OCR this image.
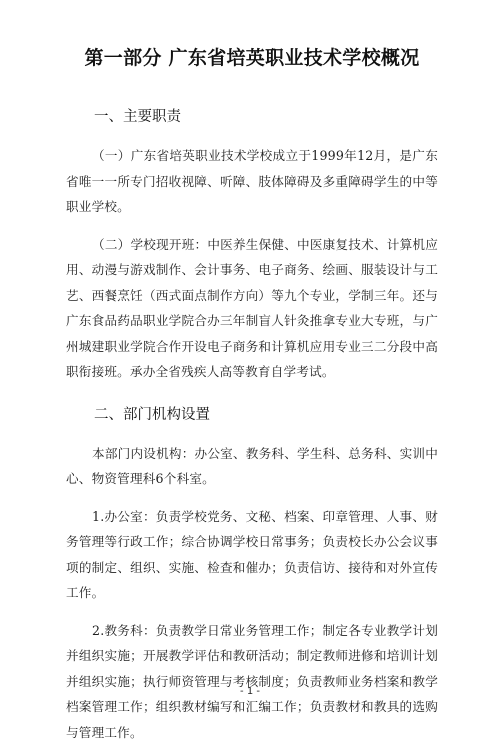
第一部分 广东省培英职业技术学校概况
一、主要职责

（一）广东省培英职业技术学校成立于1999年12月，是广东省唯一一所专门招收视障、听障、肢体障碍及多重障碍学生的中等职业学校。

（二）学校现开班：中医养生保健、中医康复技术、计算机应用、动漫与游戏制作、会计事务、电子商务、绘画、服装设计与工艺、西餐烹饪（西式面点制作方向）等九个专业，学制三年。还与广东食品药品职业学院合办三年制盲人针灸推拿专业大专班，与广州城建职业学院合作开设电子商务和计算机应用专业三二分段中高职衔接班。承办全省残疾人高等教育自学考试。

二、部门机构设置

本部门内设机构：办公室、教务科、学生科、总务科、实训中心、物资管理科6个科室。

1.办公室：负责学校党务、文秘、档案、印章管理、人事、财务管理等行政工作；综合协调学校日常事务；负责校长办公会议事项的制定、组织、实施、检查和催办；负责信访、接待和对外宣传工作。

2.教务科：负责教学日常业务管理工作；制定各专业教学计划并组织实施；开展教学评估和教研活动；制定教师进修和培训计划并组织实施；执行师资管理与考核制度；负责教师业务档案和教学档案管理工作；组织教材编写和汇编工作；负责教材和教具的选购与管理工作。

- 1 -
